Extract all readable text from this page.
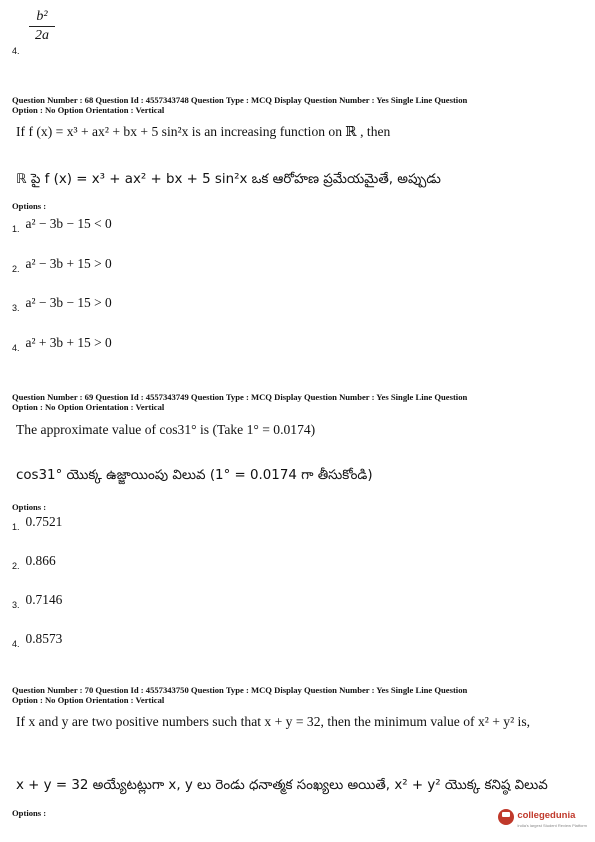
b²
2a
4.
Question Number : 68 Question Id : 4557343748 Question Type : MCQ Display Question Number : Yes Single Line Question
Option : No Option Orientation : Vertical
If f (x) = x³ + ax² + bx + 5 sin²x is an increasing function on ℝ , then
ℝ పై f (x) = x³ + ax² + bx + 5 sin²x ఒక ఆరోహణ ప్రమేయమైతే, అప్పుడు
Options :
$_{1.}$ a² − 3b − 15 < 0
$_{2.}$ a² − 3b + 15 > 0
$_{3.}$ a² − 3b − 15 > 0
$_{4.}$ a² + 3b + 15 > 0
Question Number : 69 Question Id : 4557343749 Question Type : MCQ Display Question Number : Yes Single Line Question
Option : No Option Orientation : Vertical
The approximate value of cos31° is (Take 1° = 0.0174)
cos31° యొక్క ఉజ్జాయింపు విలువ (1° = 0.0174 గా తీసుకోండి)
Options :
$_{1.}$ 0.7521
$_{2.}$ 0.866
$_{3.}$ 0.7146
$_{4.}$ 0.8573
Question Number : 70 Question Id : 4557343750 Question Type : MCQ Display Question Number : Yes Single Line Question
Option : No Option Orientation : Vertical
If x and y are two positive numbers such that x + y = 32, then the minimum value of x² + y² is,
x + y = 32 అయ్యేటట్లుగా x, y లు రెండు ధనాత్మక సంఖ్యలు అయితే, x² + y² యొక్క కనిష్ఠ విలువ
Options :	collegedunia
India's largest Student Review Platform
